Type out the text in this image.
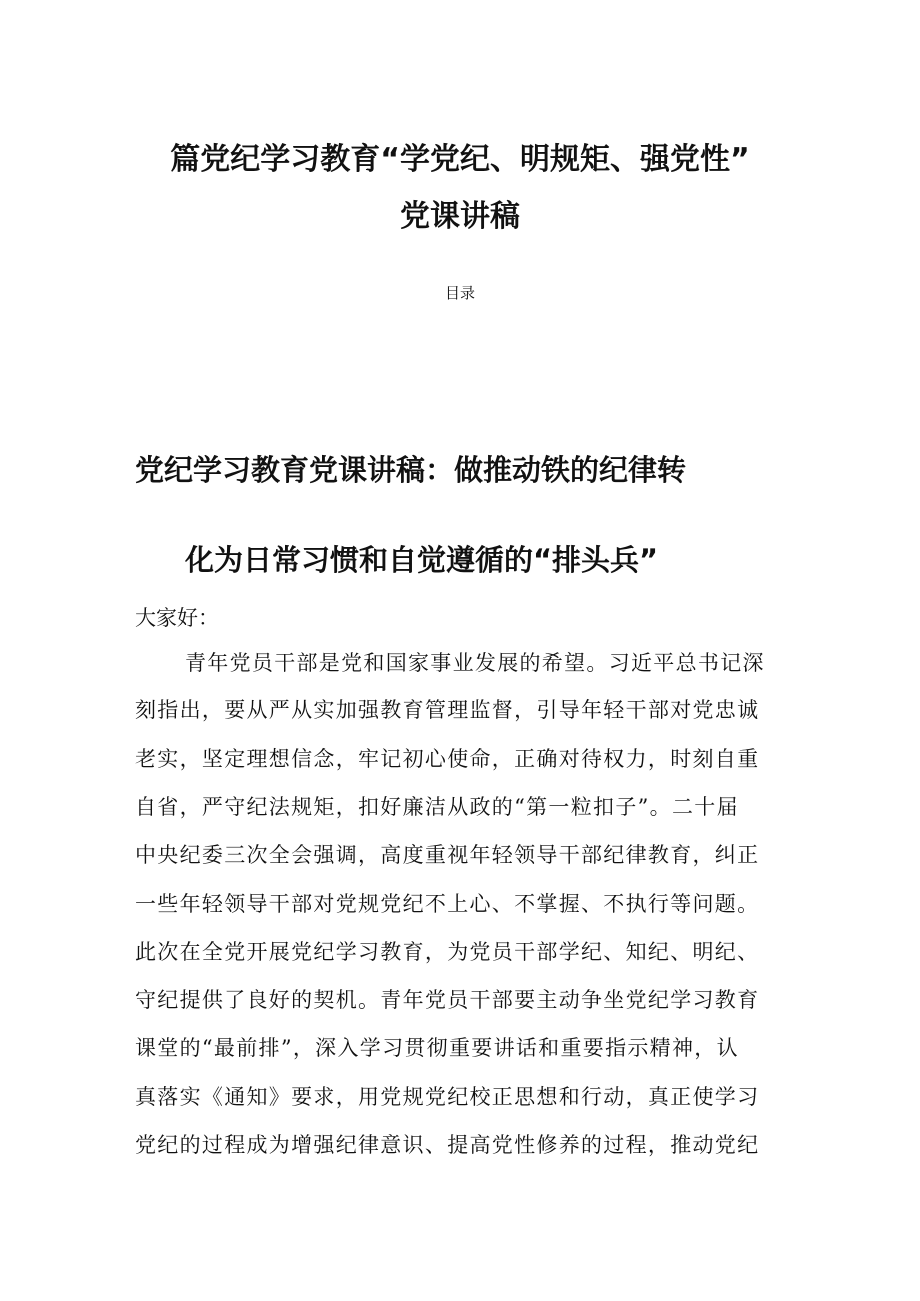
篇党纪学习教育“学党纪、明规矩、强党性”
党课讲稿
目录
党纪学习教育党课讲稿：做推动铁的纪律转
化为日常习惯和自觉遵循的“排头兵”
大家好：
青年党员干部是党和国家事业发展的希望。习近平总书记深
刻指出，要从严从实加强教育管理监督，引导年轻干部对党忠诚
老实，坚定理想信念，牢记初心使命，正确对待权力，时刻自重
自省，严守纪法规矩，扣好廉洁从政的“第一粒扣子”。二十届
中央纪委三次全会强调，高度重视年轻领导干部纪律教育，纠正
一些年轻领导干部对党规党纪不上心、不掌握、不执行等问题。
此次在全党开展党纪学习教育，为党员干部学纪、知纪、明纪、
守纪提供了良好的契机。青年党员干部要主动争坐党纪学习教育
课堂的“最前排”，深入学习贯彻重要讲话和重要指示精神，认
真落实《通知》要求，用党规党纪校正思想和行动，真正使学习
党纪的过程成为增强纪律意识、提高党性修养的过程，推动党纪
